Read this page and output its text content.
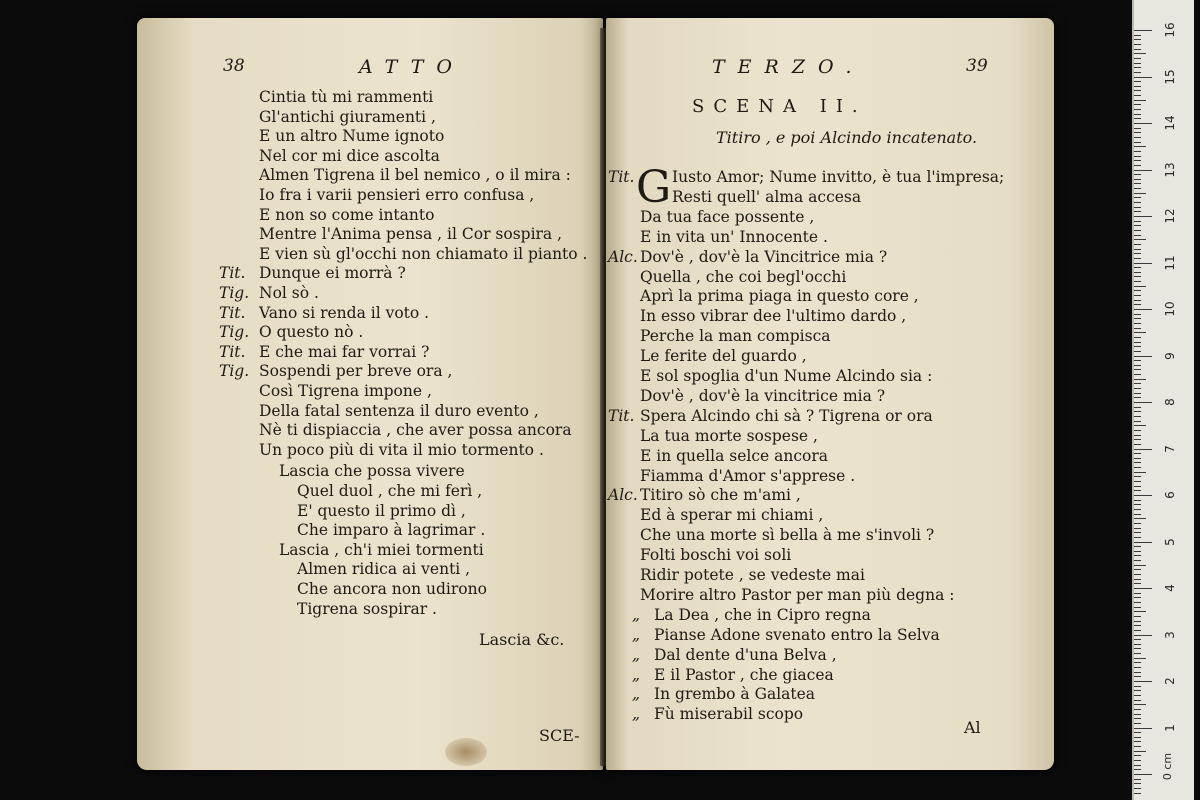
38	ATTO
Cintia tù mi rammenti
Gl'antichi giuramenti ,
E un altro Nume ignoto
Nel cor mi dice ascolta
Almen Tigrena il bel nemico , o il mira :
Io fra i varii pensieri erro confusa ,
E non so come intanto
Mentre l'Anima pensa , il Cor sospira ,
E vien sù gl'occhi non chiamato il pianto .
Tit. Dunque ei morrà ?
Tig. Nol sò .
Tit. Vano si renda il voto .
Tig. O questo nò .
Tit. E che mai far vorrai ?
Tig. Sospendi per breve ora ,
Così Tigrena impone ,
Della fatal sentenza il duro evento ,
Nè ti dispiaccia , che aver possa ancora
Un poco più di vita il mio tormento .
Lascia che possa vivere
Quel duol , che mi ferì ,
E' questo il primo dì ,
Che imparo à lagrimar .
Lascia , ch'i miei tormenti
Almen ridica ai venti ,
Che ancora non udirono
Tigrena sospirar .
Lascia &c.
SCE-
TERZO.	39
SCENA II.
Titiro , e poi Alcindo incatenato.
G
Tit. Iusto Amor; Nume invitto, è tua l'impresa;
Resti quell' alma accesa
Da tua face possente ,
E in vita un' Innocente .
Alc. Dov'è , dov'è la Vincitrice mia ?
Quella , che coi begl'occhi
Aprì la prima piaga in questo core ,
In esso vibrar dee l'ultimo dardo ,
Perche la man compisca
Le ferite del guardo ,
E sol spoglia d'un Nume Alcindo sia :
Dov'è , dov'è la vincitrice mia ?
Tit. Spera Alcindo chi sà ? Tigrena or ora
La tua morte sospese ,
E in quella selce ancora
Fiamma d'Amor s'apprese .
Alc. Titiro sò che m'ami ,
Ed à sperar mi chiami ,
Che una morte sì bella à me s'involi ?
Folti boschi voi soli
Ridir potete , se vedeste mai
Morire altro Pastor per man più degna :
„ La Dea , che in Cipro regna
„ Pianse Adone svenato entro la Selva
„ Dal dente d'una Belva ,
„ E il Pastor , che giacea
„ In grembo à Galatea
„ Fù miserabil scopo
Al
16
15
14
13
12
11
10
9
8
7
6
5
4
3
2
1
0 cm
